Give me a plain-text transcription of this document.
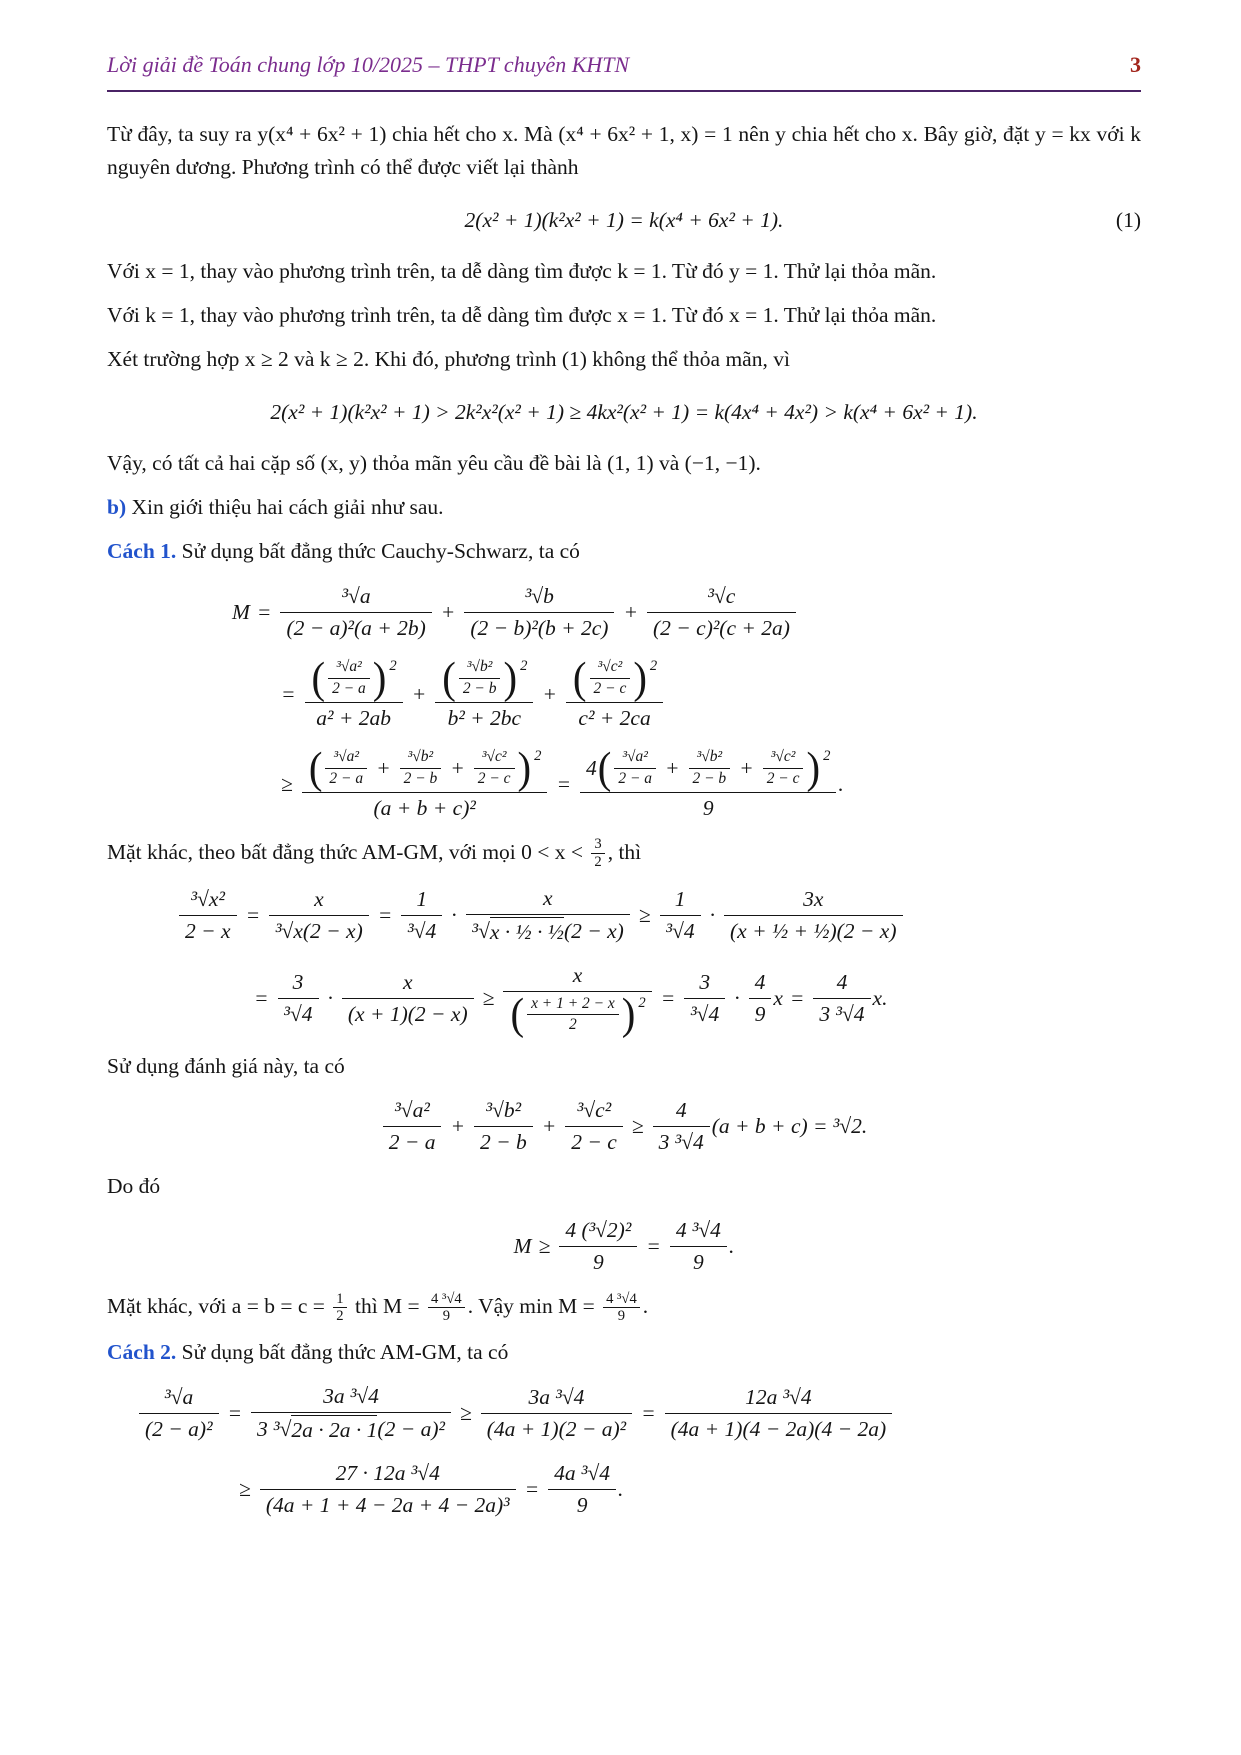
Lời giải đề Toán chung lớp 10/2025 – THPT chuyên KHTN	3

Từ đây, ta suy ra y(x⁴ + 6x² + 1) chia hết cho x. Mà (x⁴ + 6x² + 1, x) = 1 nên y chia hết cho x. Bây giờ, đặt y = kx với k nguyên dương. Phương trình có thể được viết lại thành

2(x² + 1)(k²x² + 1) = k(x⁴ + 6x² + 1).	(1)

Với x = 1, thay vào phương trình trên, ta dễ dàng tìm được k = 1. Từ đó y = 1. Thử lại thỏa mãn.

Với k = 1, thay vào phương trình trên, ta dễ dàng tìm được x = 1. Từ đó x = 1. Thử lại thỏa mãn.

Xét trường hợp x ≥ 2 và k ≥ 2. Khi đó, phương trình (1) không thể thỏa mãn, vì

2(x² + 1)(k²x² + 1) > 2k²x²(x² + 1) ≥ 4kx²(x² + 1) = k(4x⁴ + 4x²) > k(x⁴ + 6x² + 1).

Vậy, có tất cả hai cặp số (x, y) thỏa mãn yêu cầu đề bài là (1, 1) và (−1, −1).

b) Xin giới thiệu hai cách giải như sau.

Cách 1. Sử dụng bất đẳng thức Cauchy-Schwarz, ta có

$M = \frac{\text{³√a}}{\text{(2 − a)²(a + 2b)}} + \frac{\text{³√b}}{\text{(2 − b)²(b + 2c)}} + \frac{\text{³√c}}{\text{(2 − c)²(c + 2a)}}$
= ( ³√a²
2 − a ) 2
a² + 2ab + ( ³√b²
2 − b ) 2
b² + 2bc + ( ³√c²
2 − c ) 2
c² + 2ca
≥ ( ³√a²
$2 - a + \frac{\text{³√b²}}{2 - b} + \frac{\text{³√c²}}{2 - c}$ ) 2
(a + b + c)² = 4 ( ³√a²
$2 - a + \frac{\text{³√b²}}{2 - b} + \frac{\text{³√c²}}{2 - c}$ ) 2
9 .

Mặt khác, theo bất đẳng thức AM-GM, với mọi $0 < x < \frac{3}{2}$ , thì

$\frac{\text{³√x²}}{2 - x} = \frac{x}{\text{³√x(2 − x)}} = \frac{1}{\text{³√4}} \cdot \frac{x}{\text{³√ x · ½ · ½ (2 − x)}} \ge \frac{1}{\text{³√4}}$ ·
3x
(x + ½ + ½)(2 − x)
= $\frac{3}{\text{³√4}} \cdot \frac{x}{(x + 1)(2 - x)} \ge x$
( x + 1 + 2 − x
2	) $2 = \frac{3}{\text{³√4}}$ ·
4
9
$x = \frac{4}{\text{3 ³√4}} x$.

Sử dụng đánh giá này, ta có

³√a²
2 − a
+ $\frac{\text{³√b²}}{2 - b} + \frac{\text{³√c²}}{2 - c} \ge \frac{4}{\text{3 ³√4}} (a + b + c) = ^3√2$.

Do đó

$M \ge \frac{\text{4 (³√2)²}}{9} = \frac{\text{4 ³√4}}{9}$ .

Mặt khác, với $a = b = c = \frac{1}{2}$ thì $M = \frac{\text{4 ³√4}}{9}$ . Vậy $\min M = \frac{\text{4 ³√4}}{9}$ .

Cách 2. Sử dụng bất đẳng thức AM-GM, ta có

$\frac{\text{³√a}}{\text{(2 − a)²}} = \frac{\text{3a ³√4}}{\text{3 ³√ 2a · 2a · 1 (2 − a)²}} \ge \frac{\text{3a ³√4}}{\text{(4a + 1)(2 − a)²}} = \frac{\text{12a ³√4}}{(4a + 1)(4 - 2a)(4 - 2a)}$
≥ $\frac{\text{27 · 12a ³√4}}{\text{(4a + 1 + 4 − 2a + 4 − 2a)³}} = \frac{\text{4a ³√4}}{9}$ .
